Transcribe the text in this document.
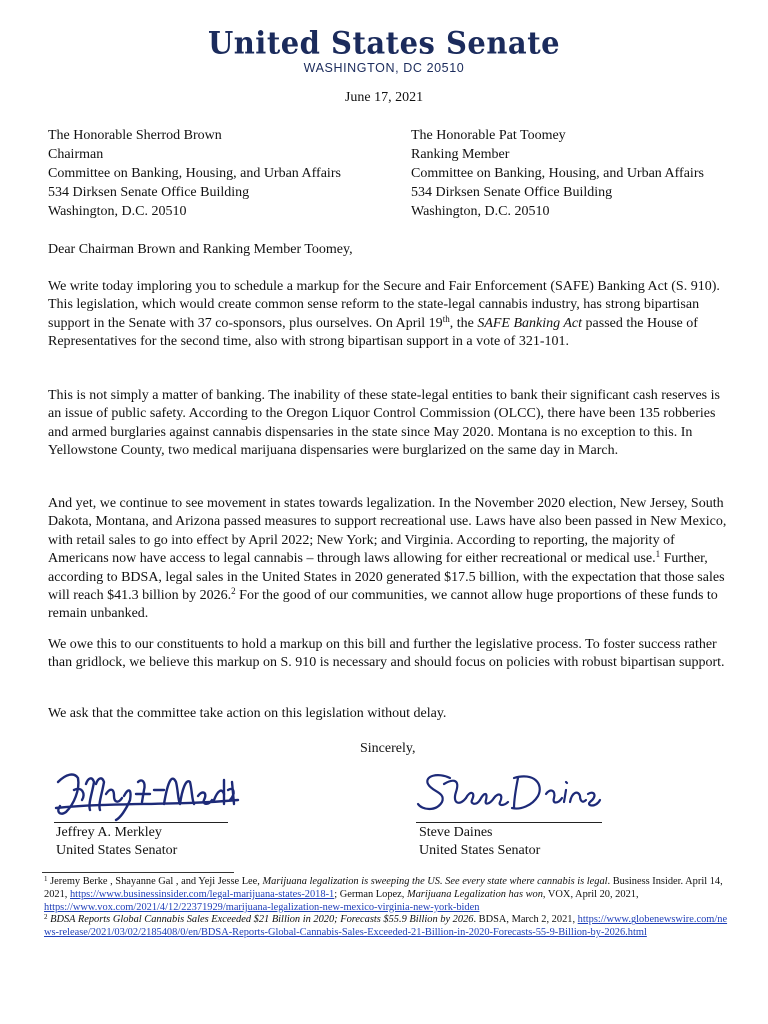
United States Senate
WASHINGTON, DC 20510
June 17, 2021
The Honorable Sherrod Brown
Chairman
Committee on Banking, Housing, and Urban Affairs
534 Dirksen Senate Office Building
Washington, D.C. 20510
The Honorable Pat Toomey
Ranking Member
Committee on Banking, Housing, and Urban Affairs
534 Dirksen Senate Office Building
Washington, D.C. 20510
Dear Chairman Brown and Ranking Member Toomey,
We write today imploring you to schedule a markup for the Secure and Fair Enforcement (SAFE) Banking Act (S. 910). This legislation, which would create common sense reform to the state-legal cannabis industry, has strong bipartisan support in the Senate with 37 co-sponsors, plus ourselves. On April 19th, the SAFE Banking Act passed the House of Representatives for the second time, also with strong bipartisan support in a vote of 321-101.
This is not simply a matter of banking. The inability of these state-legal entities to bank their significant cash reserves is an issue of public safety. According to the Oregon Liquor Control Commission (OLCC), there have been 135 robberies and armed burglaries against cannabis dispensaries in the state since May 2020. Montana is no exception to this. In Yellowstone County, two medical marijuana dispensaries were burglarized on the same day in March.
And yet, we continue to see movement in states towards legalization. In the November 2020 election, New Jersey, South Dakota, Montana, and Arizona passed measures to support recreational use. Laws have also been passed in New Mexico, with retail sales to go into effect by April 2022; New York; and Virginia. According to reporting, the majority of Americans now have access to legal cannabis – through laws allowing for either recreational or medical use.$^1$ Further, according to BDSA, legal sales in the United States in 2020 generated $17.5 billion, with the expectation that those sales will reach $41.3 billion by 2026.$^2$ For the good of our communities, we cannot allow huge proportions of these funds to remain unbanked.
We owe this to our constituents to hold a markup on this bill and further the legislative process. To foster success rather than gridlock, we believe this markup on S. 910 is necessary and should focus on policies with robust bipartisan support.
We ask that the committee take action on this legislation without delay.
Sincerely,
Jeffrey A. Merkley
United States Senator
Steve Daines
United States Senator
$^1$ Jeremy Berke , Shayanne Gal , and Yeji Jesse Lee, Marijuana legalization is sweeping the US. See every state where cannabis is legal. Business Insider. April 14, 2021, https://www.businessinsider.com/legal-marijuana-states-2018-1; German Lopez, Marijuana Legalization has won, VOX, April 20, 2021, https://www.vox.com/2021/4/12/22371929/marijuana-legalization-new-mexico-virginia-new-york-biden
$^2$ BDSA Reports Global Cannabis Sales Exceeded $21 Billion in 2020; Forecasts $55.9 Billion by 2026. BDSA, March 2, 2021, https://www.globenewswire.com/news-release/2021/03/02/2185408/0/en/BDSA-Reports-Global-Cannabis-Sales-Exceeded-21-Billion-in-2020-Forecasts-55-9-Billion-by-2026.html
